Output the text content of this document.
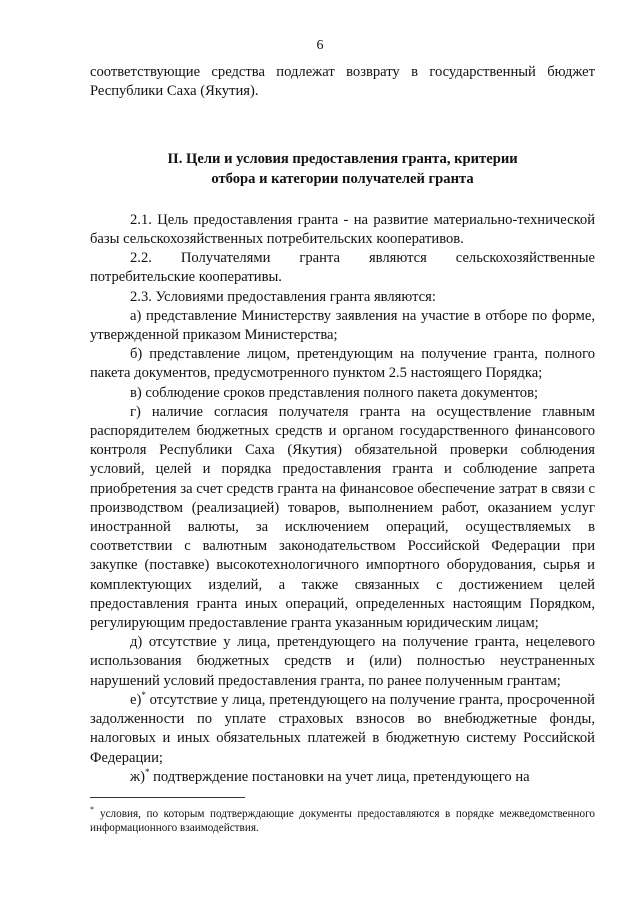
6

соответствующие средства подлежат возврату в государственный бюджет Республики Саха (Якутия).

II. Цели и условия предоставления гранта, критерии
отбора и категории получателей гранта

2.1. Цель предоставления гранта - на развитие материально-технической базы сельскохозяйственных потребительских кооперативов.

2.2. Получателями гранта являются сельскохозяйственные потребительские кооперативы.

2.3. Условиями предоставления гранта являются:

а) представление Министерству заявления на участие в отборе по форме, утвержденной приказом Министерства;

б) представление лицом, претендующим на получение гранта, полного пакета документов, предусмотренного пунктом 2.5 настоящего Порядка;

в) соблюдение сроков представления полного пакета документов;

г) наличие согласия получателя гранта на осуществление главным распорядителем бюджетных средств и органом государственного финансового контроля Республики Саха (Якутия) обязательной проверки соблюдения условий, целей и порядка предоставления гранта и соблюдение запрета приобретения за счет средств гранта на финансовое обеспечение затрат в связи с производством (реализацией) товаров, выполнением работ, оказанием услуг иностранной валюты, за исключением операций, осуществляемых в соответствии с валютным законодательством Российской Федерации при закупке (поставке) высокотехнологичного импортного оборудования, сырья и комплектующих изделий, а также связанных с достижением целей предоставления гранта иных операций, определенных настоящим Порядком, регулирующим предоставление гранта указанным юридическим лицам;

д) отсутствие у лица, претендующего на получение гранта, нецелевого использования бюджетных средств и (или) полностью неустраненных нарушений условий предоставления гранта, по ранее полученным грантам;

е)* отсутствие у лица, претендующего на получение гранта, просроченной задолженности по уплате страховых взносов во внебюджетные фонды, налоговых и иных обязательных платежей в бюджетную систему Российской Федерации;

ж)* подтверждение постановки на учет лица, претендующего на

* условия, по которым подтверждающие документы предоставляются в порядке межведомственного информационного взаимодействия.
